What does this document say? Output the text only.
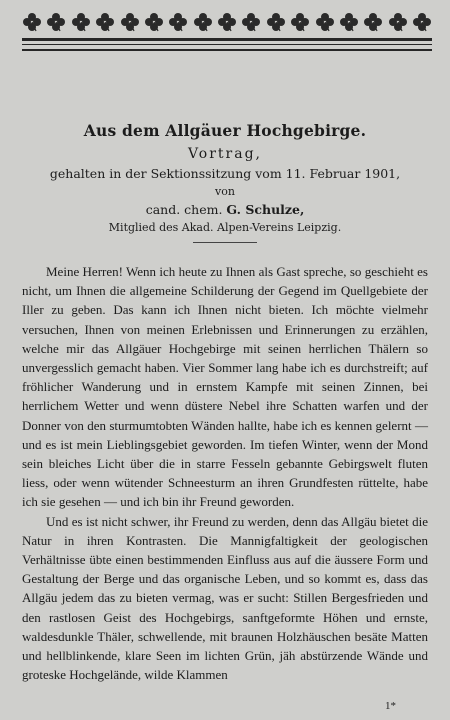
Aus dem Allgäuer Hochgebirge.
Vortrag,
gehalten in der Sektionssitzung vom 11. Februar 1901,
von
cand. chem. G. Schulze,
Mitglied des Akad. Alpen-Vereins Leipzig.

Meine Herren! Wenn ich heute zu Ihnen als Gast spreche, so geschieht es nicht, um Ihnen die allgemeine Schilderung der Gegend im Quellgebiete der Iller zu geben. Das kann ich Ihnen nicht bieten. Ich möchte vielmehr versuchen, Ihnen von meinen Erlebnissen und Erinnerungen zu erzählen, welche mir das Allgäuer Hochgebirge mit seinen herrlichen Thälern so unvergesslich gemacht haben. Vier Sommer lang habe ich es durchstreift; auf fröhlicher Wanderung und in ernstem Kampfe mit seinen Zinnen, bei herrlichem Wetter und wenn düstere Nebel ihre Schatten warfen und der Donner von den sturmumtobten Wänden hallte, habe ich es kennen gelernt — und es ist mein Lieblingsgebiet geworden. Im tiefen Winter, wenn der Mond sein bleiches Licht über die in starre Fesseln gebannte Gebirgswelt fluten liess, oder wenn wütender Schneesturm an ihren Grundfesten rüttelte, habe ich sie gesehen — und ich bin ihr Freund geworden.

Und es ist nicht schwer, ihr Freund zu werden, denn das Allgäu bietet die Natur in ihren Kontrasten. Die Mannigfaltigkeit der geologischen Verhältnisse übte einen bestimmenden Einfluss aus auf die äussere Form und Gestaltung der Berge und das organische Leben, und so kommt es, dass das Allgäu jedem das zu bieten vermag, was er sucht: Stillen Bergesfrieden und den rastlosen Geist des Hochgebirgs, sanftgeformte Höhen und ernste, waldesdunkle Thäler, schwellende, mit braunen Holzhäuschen besäte Matten und hellblinkende, klare Seen im lichten Grün, jäh abstürzende Wände und groteske Hochgelände, wilde Klammen

1*
